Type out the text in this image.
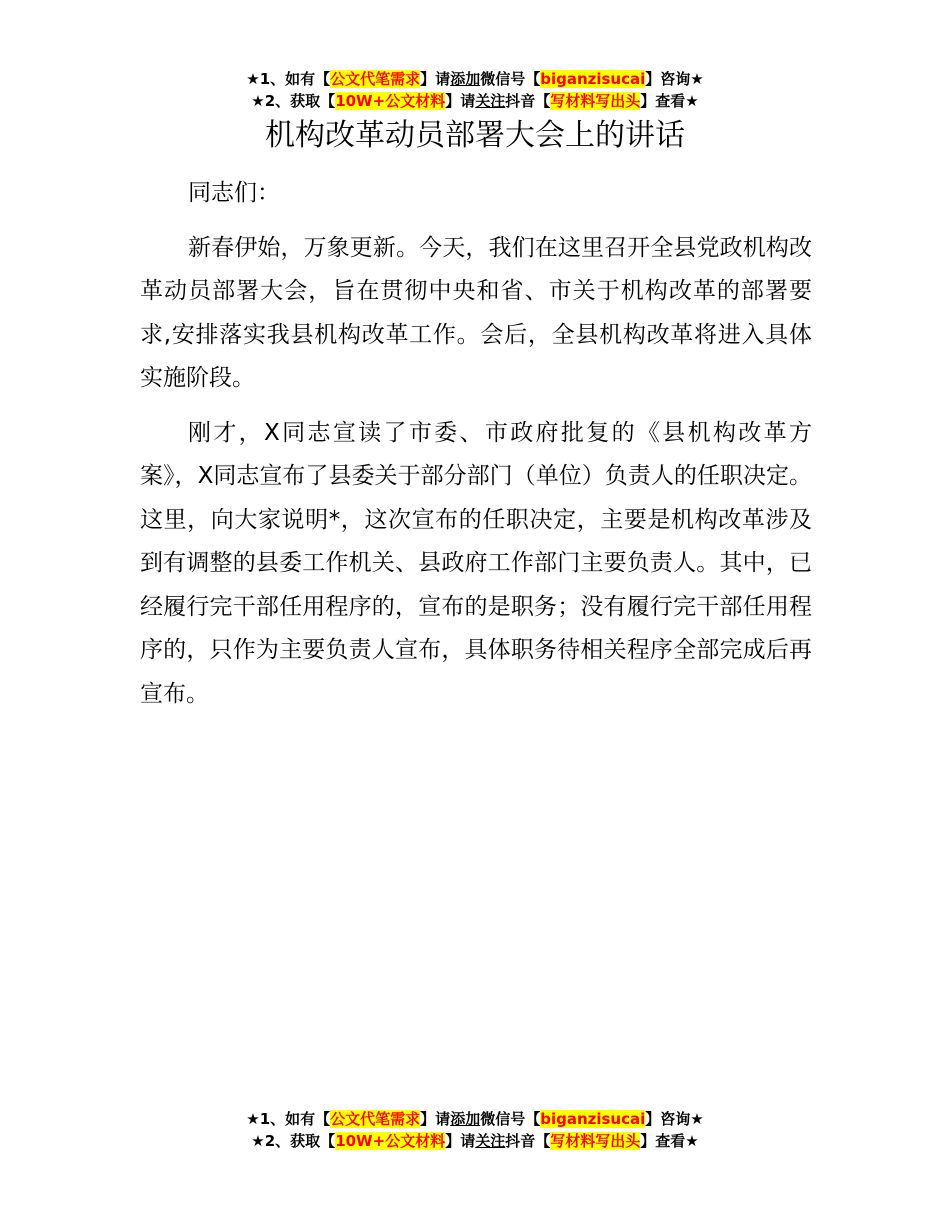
★1、如有【公文代笔需求】请添加微信号【biganzisucai】咨询★
★2、获取【10W+公文材料】请关注抖音【写材料写出头】查看★
机构改革动员部署大会上的讲话

同志们：

新春伊始，万象更新。今天，我们在这里召开全县党政机构改革动员部署大会，旨在贯彻中央和省、市关于机构改革的部署要求,安排落实我县机构改革工作。会后，全县机构改革将进入具体实施阶段。

刚才，X同志宣读了市委、市政府批复的《县机构改革方案》，X同志宣布了县委关于部分部门（单位）负责人的任职决定。这里，向大家说明*，这次宣布的任职决定，主要是机构改革涉及到有调整的县委工作机关、县政府工作部门主要负责人。其中，已经履行完干部任用程序的，宣布的是职务；没有履行完干部任用程序的，只作为主要负责人宣布，具体职务待相关程序全部完成后再宣布。

★1、如有【公文代笔需求】请添加微信号【biganzisucai】咨询★
★2、获取【10W+公文材料】请关注抖音【写材料写出头】查看★
